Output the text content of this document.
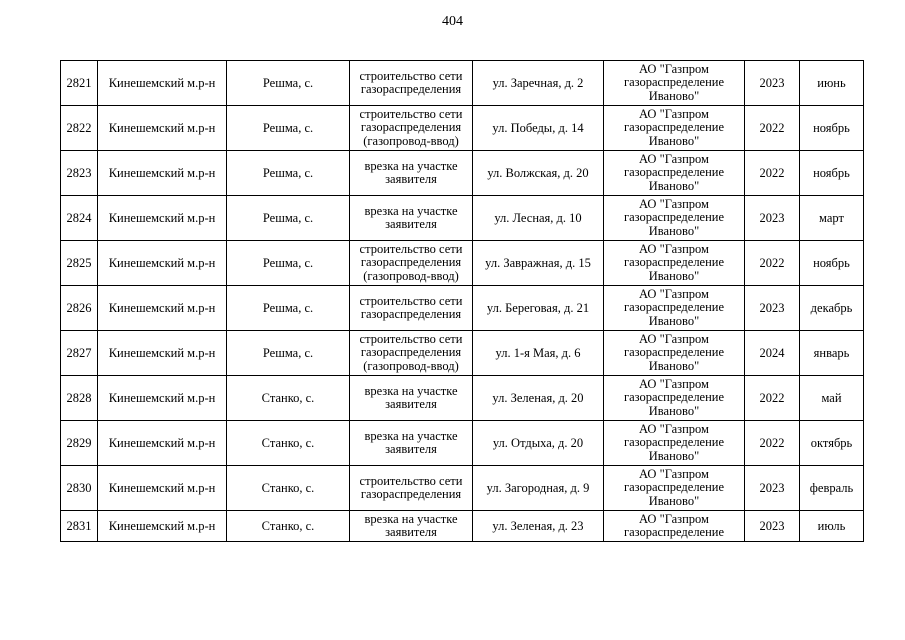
404
2821	Кинешемский м.р-н	Решма, с.	строительство сети газораспределения	ул. Заречная, д. 2	АО "Газпром газораспределение Иваново"	2023	июнь
2822	Кинешемский м.р-н	Решма, с.	строительство сети газораспределения (газопровод-ввод)	ул. Победы, д. 14	АО "Газпром газораспределение Иваново"	2022	ноябрь
2823	Кинешемский м.р-н	Решма, с.	врезка на участке заявителя	ул. Волжская, д. 20	АО "Газпром газораспределение Иваново"	2022	ноябрь
2824	Кинешемский м.р-н	Решма, с.	врезка на участке заявителя	ул. Лесная, д. 10	АО "Газпром газораспределение Иваново"	2023	март
2825	Кинешемский м.р-н	Решма, с.	строительство сети газораспределения (газопровод-ввод)	ул. Завражная, д. 15	АО "Газпром газораспределение Иваново"	2022	ноябрь
2826	Кинешемский м.р-н	Решма, с.	строительство сети газораспределения	ул. Береговая, д. 21	АО "Газпром газораспределение Иваново"	2023	декабрь
2827	Кинешемский м.р-н	Решма, с.	строительство сети газораспределения (газопровод-ввод)	ул. 1-я Мая, д. 6	АО "Газпром газораспределение Иваново"	2024	январь
2828	Кинешемский м.р-н	Станко, с.	врезка на участке заявителя	ул. Зеленая, д. 20	АО "Газпром газораспределение Иваново"	2022	май
2829	Кинешемский м.р-н	Станко, с.	врезка на участке заявителя	ул. Отдыха, д. 20	АО "Газпром газораспределение Иваново"	2022	октябрь
2830	Кинешемский м.р-н	Станко, с.	строительство сети газораспределения	ул. Загородная, д. 9	АО "Газпром газораспределение Иваново"	2023	февраль
2831	Кинешемский м.р-н	Станко, с.	врезка на участке заявителя	ул. Зеленая, д. 23	АО "Газпром газораспределение	2023	июль
